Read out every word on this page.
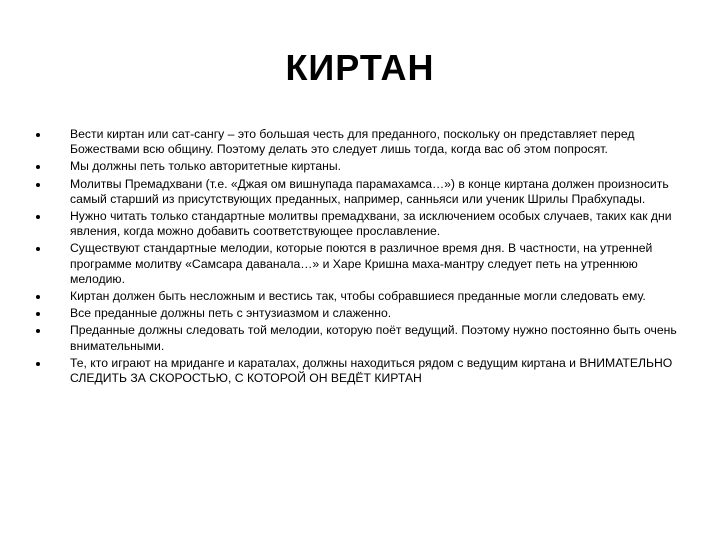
КИРТАН
Вести киртан или сат-сангу – это большая честь для преданного, поскольку он представляет перед Божествами всю общину. Поэтому делать это следует лишь тогда, когда вас об этом попросят.
Мы должны петь только авторитетные киртаны.
Молитвы Премадхвани (т.е. «Джая ом вишнупада парамахамса…») в конце киртана должен произносить самый старший из присутствующих преданных, например, санньяси или ученик Шрилы Прабхупады.
Нужно читать только стандартные молитвы премадхвани, за исключением особых случаев, таких как дни явления, когда можно добавить соответствующее прославление.
Существуют стандартные мелодии, которые поются в различное время дня. В частности, на утренней программе молитву «Самсара даванала…» и Харе Кришна маха-мантру следует петь на утреннюю мелодию.
Киртан должен быть несложным и вестись так, чтобы собравшиеся преданные могли следовать ему.
Все преданные должны петь с энтузиазмом и слаженно.
Преданные должны следовать той мелодии, которую поёт ведущий. Поэтому нужно постоянно быть очень внимательными.
Те, кто играют на мриданге и караталах, должны находиться рядом с ведущим киртана и ВНИМАТЕЛЬНО СЛЕДИТЬ ЗА СКОРОСТЬЮ, С КОТОРОЙ ОН ВЕДЁТ КИРТАН
